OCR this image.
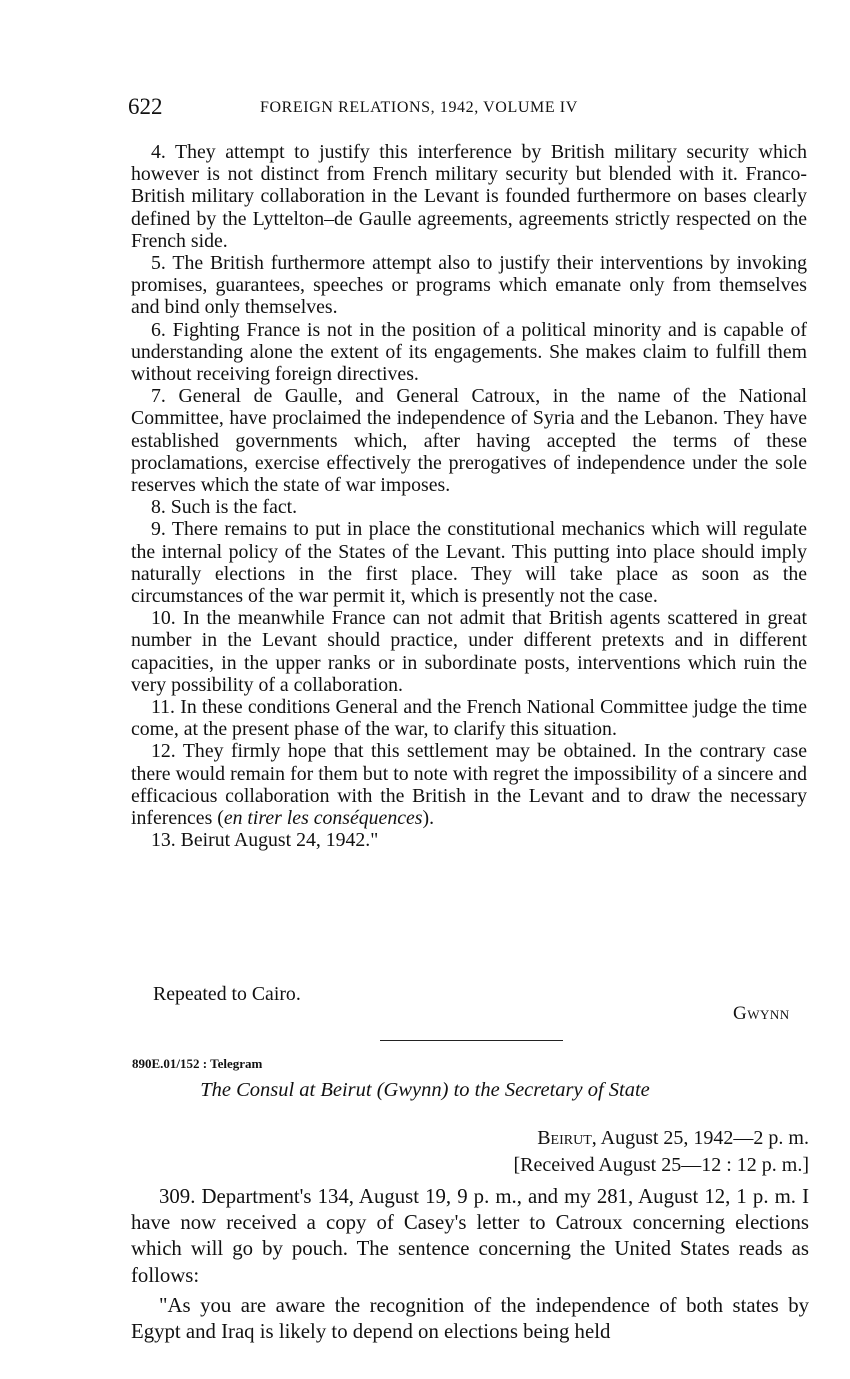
622	FOREIGN RELATIONS, 1942, VOLUME IV

4. They attempt to justify this interference by British military security which however is not distinct from French military security but blended with it. Franco-British military collaboration in the Levant is founded furthermore on bases clearly defined by the Lyttelton–de Gaulle agreements, agreements strictly respected on the French side.

5. The British furthermore attempt also to justify their interventions by invoking promises, guarantees, speeches or programs which emanate only from themselves and bind only themselves.

6. Fighting France is not in the position of a political minority and is capable of understanding alone the extent of its engagements. She makes claim to fulfill them without receiving foreign directives.

7. General de Gaulle, and General Catroux, in the name of the National Committee, have proclaimed the independence of Syria and the Lebanon. They have established governments which, after having accepted the terms of these proclamations, exercise effectively the prerogatives of independence under the sole reserves which the state of war imposes.

8. Such is the fact.

9. There remains to put in place the constitutional mechanics which will regulate the internal policy of the States of the Levant. This putting into place should imply naturally elections in the first place. They will take place as soon as the circumstances of the war permit it, which is presently not the case.

10. In the meanwhile France can not admit that British agents scattered in great number in the Levant should practice, under different pretexts and in different capacities, in the upper ranks or in subordinate posts, interventions which ruin the very possibility of a collaboration.

11. In these conditions General and the French National Committee judge the time come, at the present phase of the war, to clarify this situation.

12. They firmly hope that this settlement may be obtained. In the contrary case there would remain for them but to note with regret the impossibility of a sincere and efficacious collaboration with the British in the Levant and to draw the necessary inferences (en tirer les conséquences).

13. Beirut August 24, 1942."

Repeated to Cairo.
Gwynn
890E.01/152 : Telegram
The Consul at Beirut (Gwynn) to the Secretary of State
Beirut, August 25, 1942—2 p. m.
[Received August 25—12 : 12 p. m.]

309. Department's 134, August 19, 9 p. m., and my 281, August 12, 1 p. m. I have now received a copy of Casey's letter to Catroux concerning elections which will go by pouch. The sentence concerning the United States reads as follows:

"As you are aware the recognition of the independence of both states by Egypt and Iraq is likely to depend on elections being held
